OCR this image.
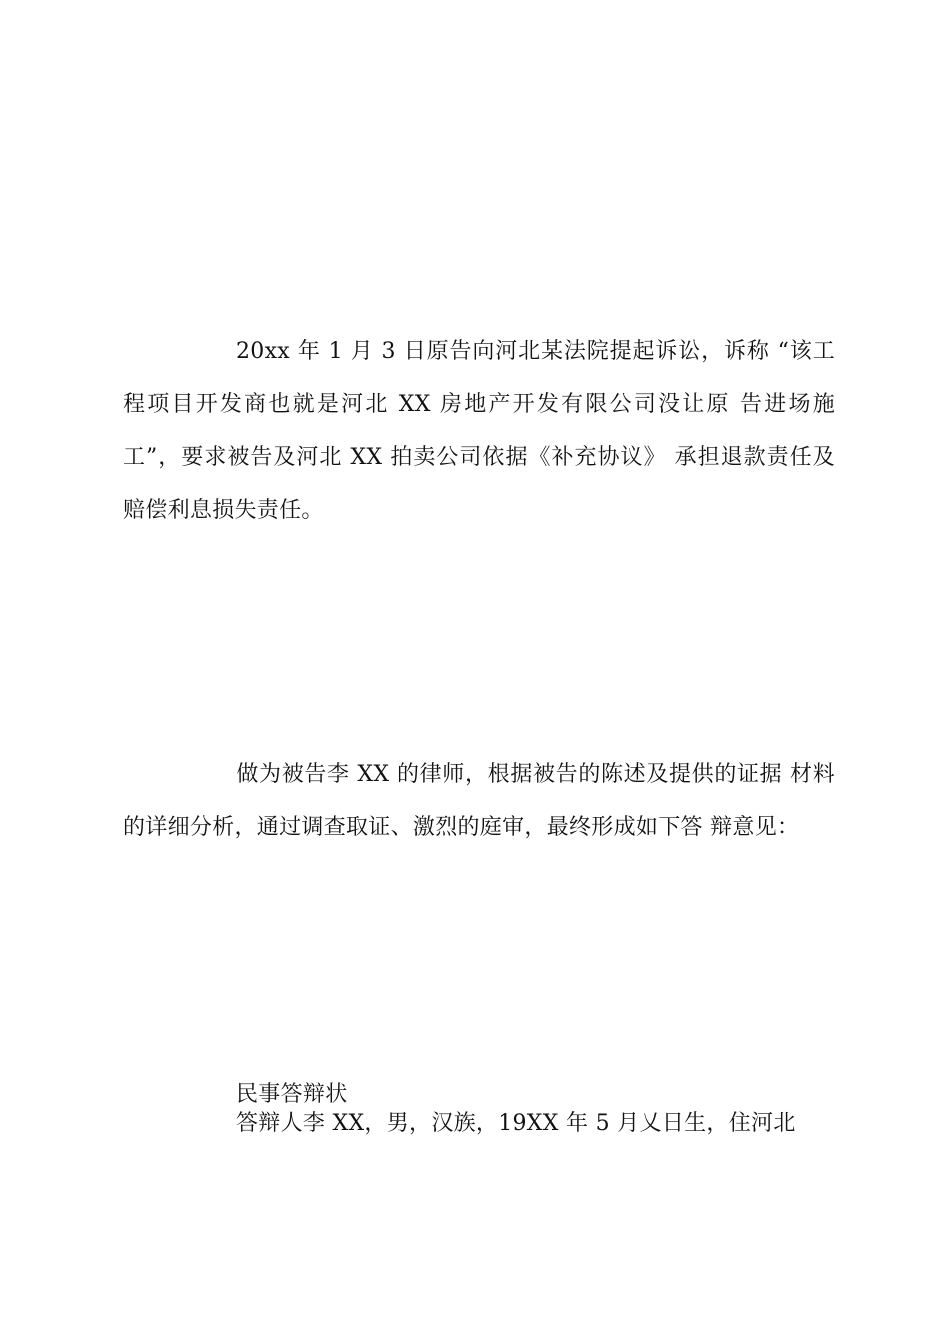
20xx 年 1 月 3 日原告向河北某法院提起诉讼，诉称 “该工程项目开发商也就是河北 XX 房地产开发有限公司没让原 告进场施工”，要求被告及河北 XX 拍卖公司依据《补充协议》 承担退款责任及赔偿利息损失责任。

做为被告李 XX 的律师，根据被告的陈述及提供的证据 材料的详细分析，通过调查取证、激烈的庭审，最终形成如下答 辩意见：

民事答辩状
答辩人李 XX，男，汉族，19XX 年 5 月乂日生，住河北
